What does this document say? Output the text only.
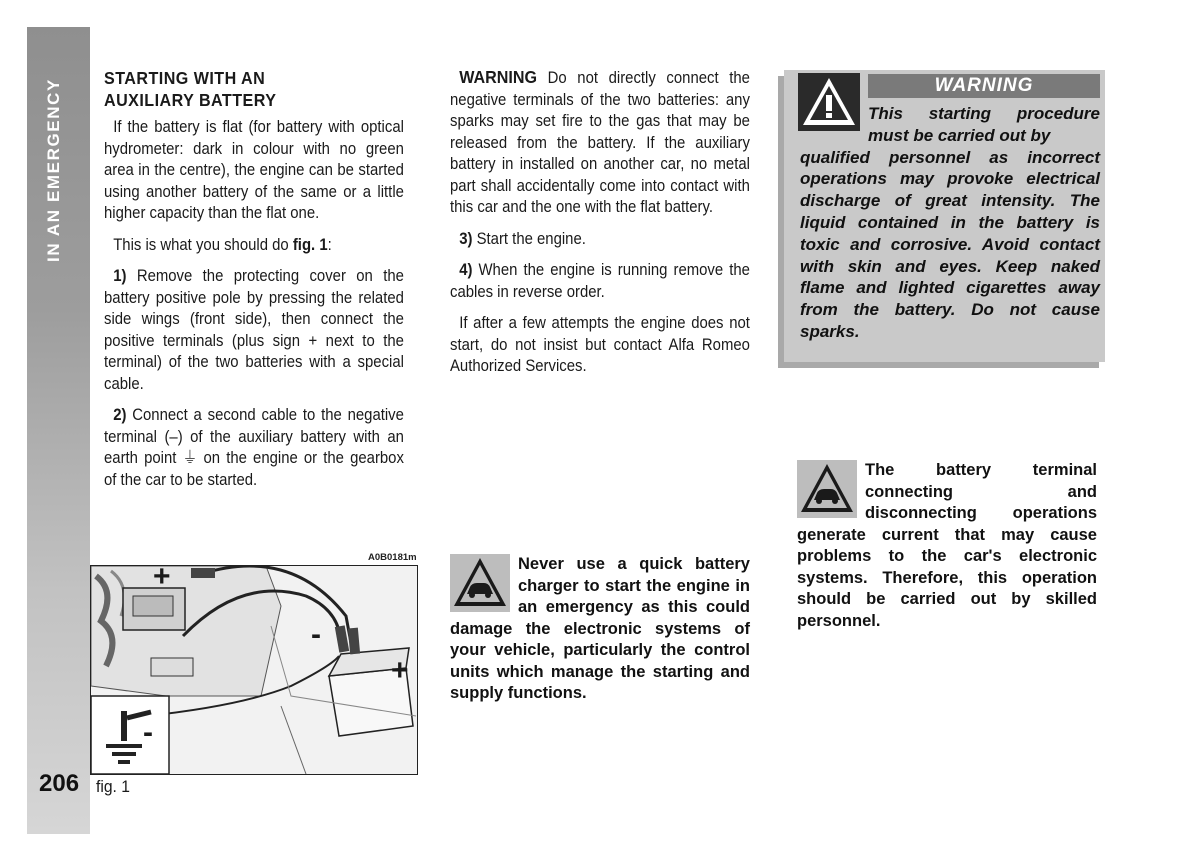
IN AN EMERGENCY
206
STARTING WITH AN
AUXILIARY BATTERY

If the battery is flat (for battery with optical hydrometer: dark in colour with no green area in the centre), the engine can be started using another battery of the same or a little higher capacity than the flat one.

This is what you should do fig. 1:

1) Remove the protecting cover on the battery positive pole by pressing the related side wings (front side), then connect the positive terminals (plus sign + next to the terminal) of the two batteries with a special cable.

2) Connect a second cable to the negative terminal (–) of the auxiliary battery with an earth point ⏚ on the engine or the gearbox of the car to be started.

WARNING Do not directly connect the negative terminals of the two batteries: any sparks may set fire to the gas that may be released from the battery. If the auxiliary battery in installed on another car, no metal part shall accidentally come into contact with this car and the one with the flat battery.

3) Start the engine.

4) When the engine is running remove the cables in reverse order.

If after a few attempts the engine does not start, do not insist but contact Alfa Romeo Authorized Services.

WARNING
This starting procedure must be carried out by
qualified personnel as incorrect operations may provoke electrical discharge of great intensity. The liquid contained in the battery is toxic and corrosive. Avoid contact with skin and eyes. Keep naked flame and lighted cigarettes away from the battery. Do not cause sparks.
Never use a quick battery charger to start the engine in an emergency as this could damage the electronic systems of your vehicle, particularly the control units which manage the starting and supply functions.
The battery terminal connecting and disconnecting operations generate current that may cause problems to the car's electronic systems. Therefore, this operation should be carried out by skilled personnel.
A0B0181m
+
-
+
-
fig. 1
